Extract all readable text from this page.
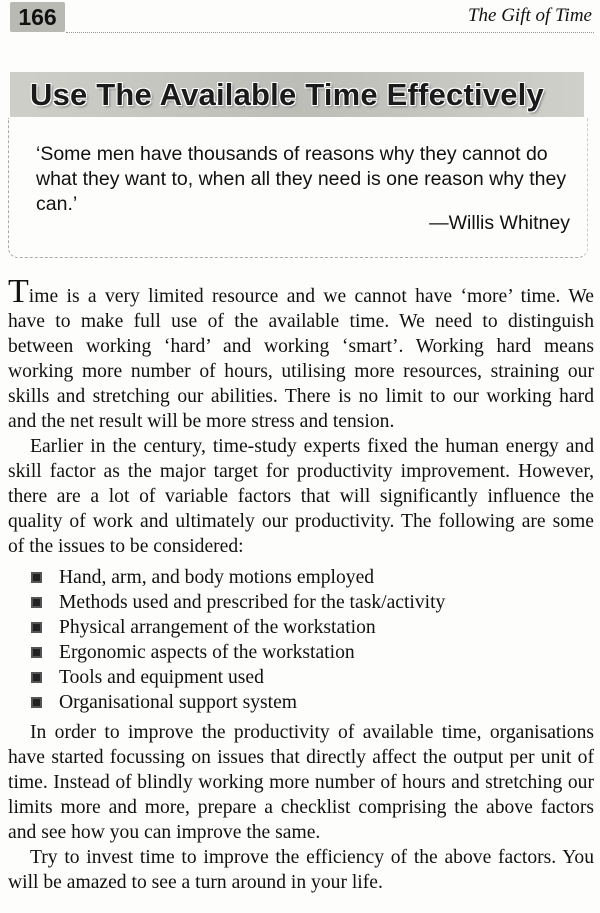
166	The Gift of Time
Use The Available Time Effectively
‘Some men have thousands of reasons why they cannot do what they want to, when all they need is one reason why they can.’
—Willis Whitney

Time is a very limited resource and we cannot have ‘more’ time. We have to make full use of the available time. We need to distinguish between working ‘hard’ and working ‘smart’. Working hard means working more number of hours, utilising more resources, straining our skills and stretching our abilities. There is no limit to our working hard and the net result will be more stress and tension.

Earlier in the century, time-study experts fixed the human energy and skill factor as the major target for productivity improvement. However, there are a lot of variable factors that will significantly influence the quality of work and ultimately our productivity. The following are some of the issues to be considered:

Hand, arm, and body motions employed
Methods used and prescribed for the task/activity
Physical arrangement of the workstation
Ergonomic aspects of the workstation
Tools and equipment used
Organisational support system

In order to improve the productivity of available time, organisations have started focussing on issues that directly affect the output per unit of time. Instead of blindly working more number of hours and stretching our limits more and more, prepare a checklist comprising the above factors and see how you can improve the same.

Try to invest time to improve the efficiency of the above factors. You will be amazed to see a turn around in your life.
